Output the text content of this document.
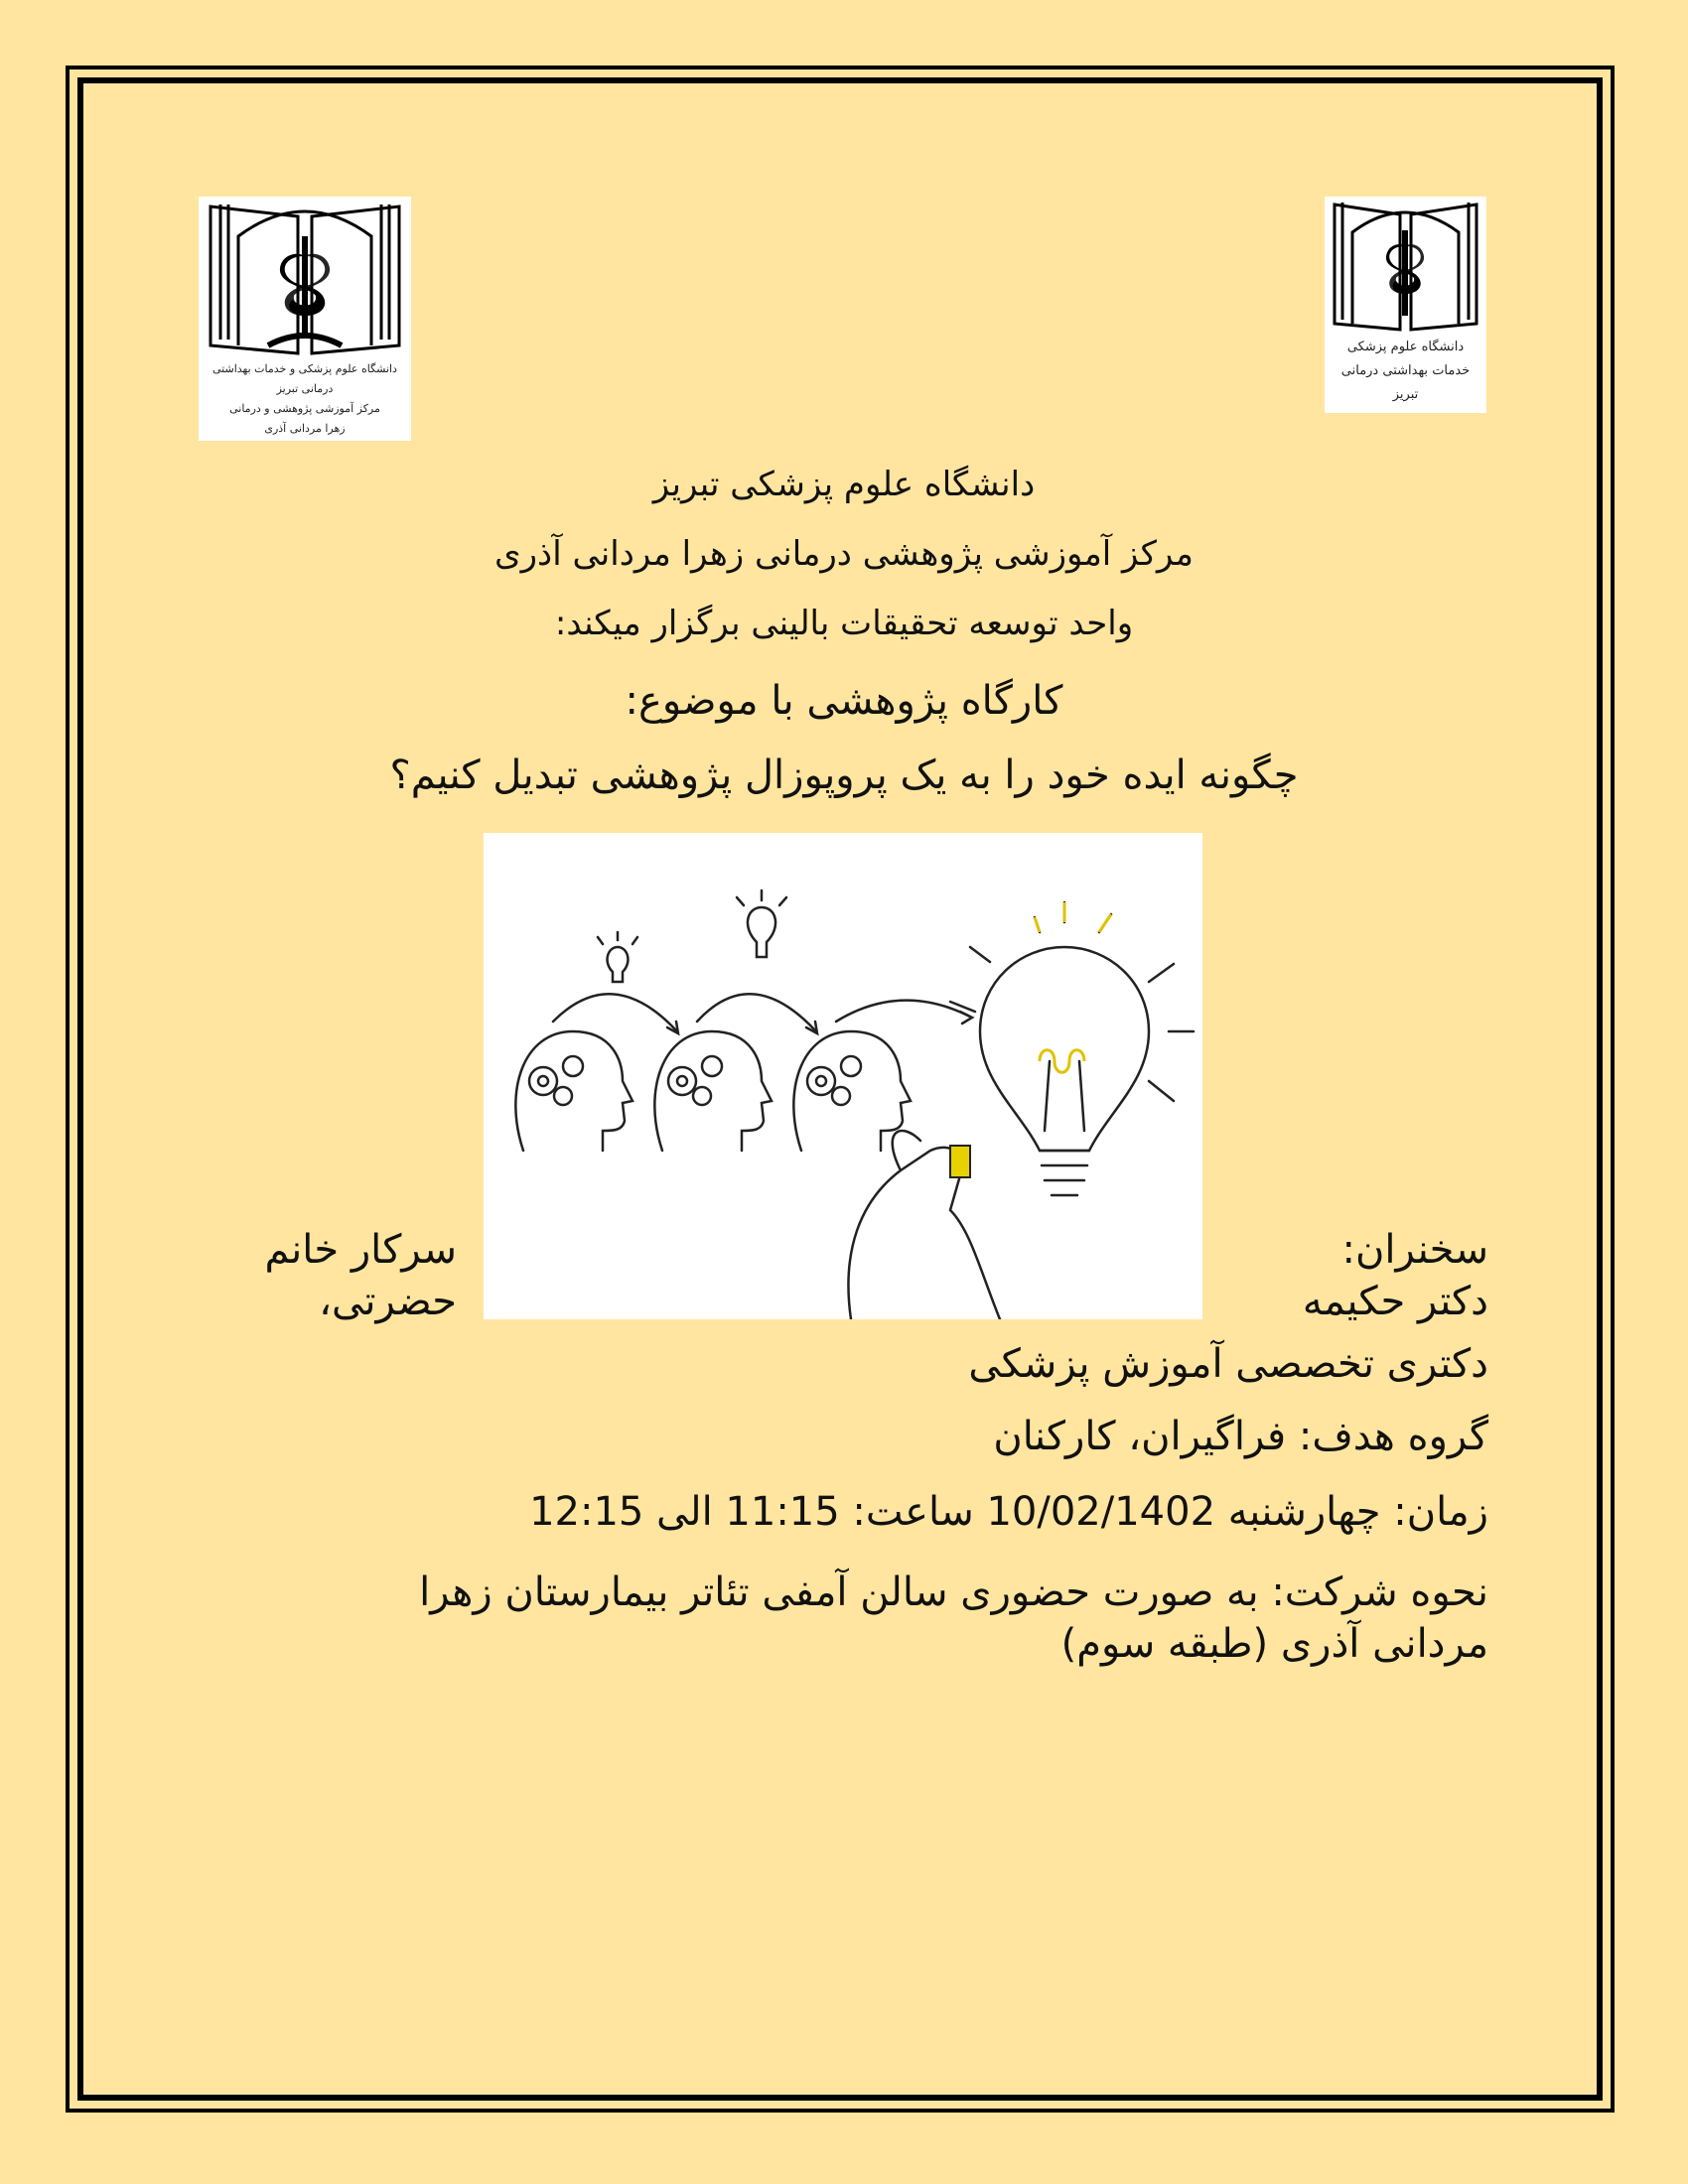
دانشگاه علوم پزشکی و خدمات بهداشتی درمانی تبریز
مرکز آموزشی پژوهشی و درمانی
زهرا مردانی آذری
دانشگاه علوم پزشکی
خدمات بهداشتی درمانی تبریز
دانشگاه علوم پزشکی تبریز
مرکز آموزشی پژوهشی درمانی زهرا مردانی آذری
واحد توسعه تحقیقات بالینی برگزار میکند:
کارگاه پژوهشی با موضوع:
چگونه ایده خود را به یک پروپوزال پژوهشی تبدیل کنیم؟
سخنران:
دکتر حکیمه
سرکار خانم
حضرتی،
دکتری تخصصی آموزش پزشکی
گروه هدف: فراگیران، کارکنان
زمان: چهارشنبه 10/02/1402 ساعت: 11:15 الی 12:15
نحوه شرکت: به صورت حضوری سالن آمفی تئاتر بیمارستان زهرا
مردانی آذری (طبقه سوم)
